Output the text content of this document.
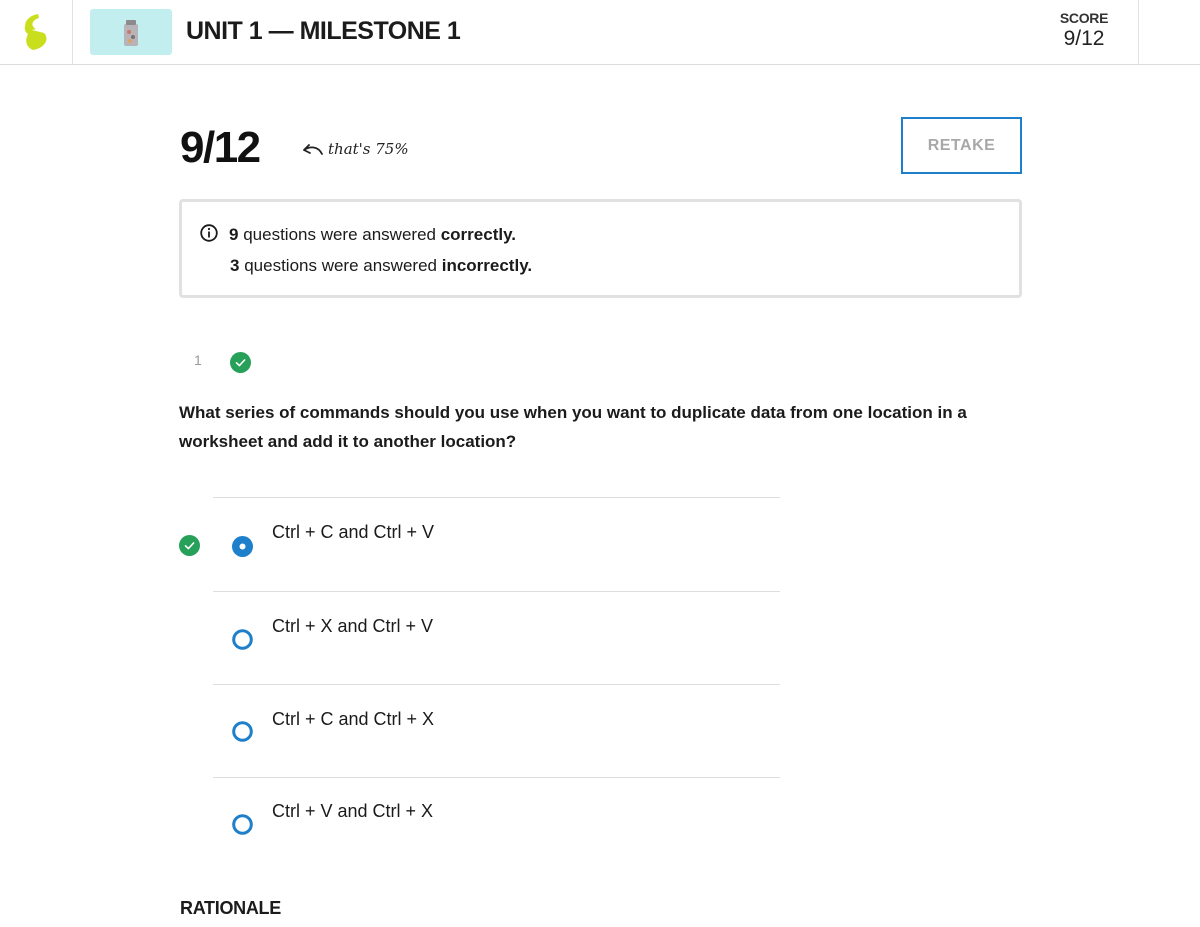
UNIT 1 — MILESTONE 1	SCORE
9/12
9/12	that's 75%	RETAKE
9 questions were answered correctly.
3 questions were answered incorrectly.
1
What series of commands should you use when you want to duplicate data from one location in a worksheet and add it to another location?
Ctrl + C and Ctrl + V
Ctrl + X and Ctrl + V
Ctrl + C and Ctrl + X
Ctrl + V and Ctrl + X
RATIONALE
